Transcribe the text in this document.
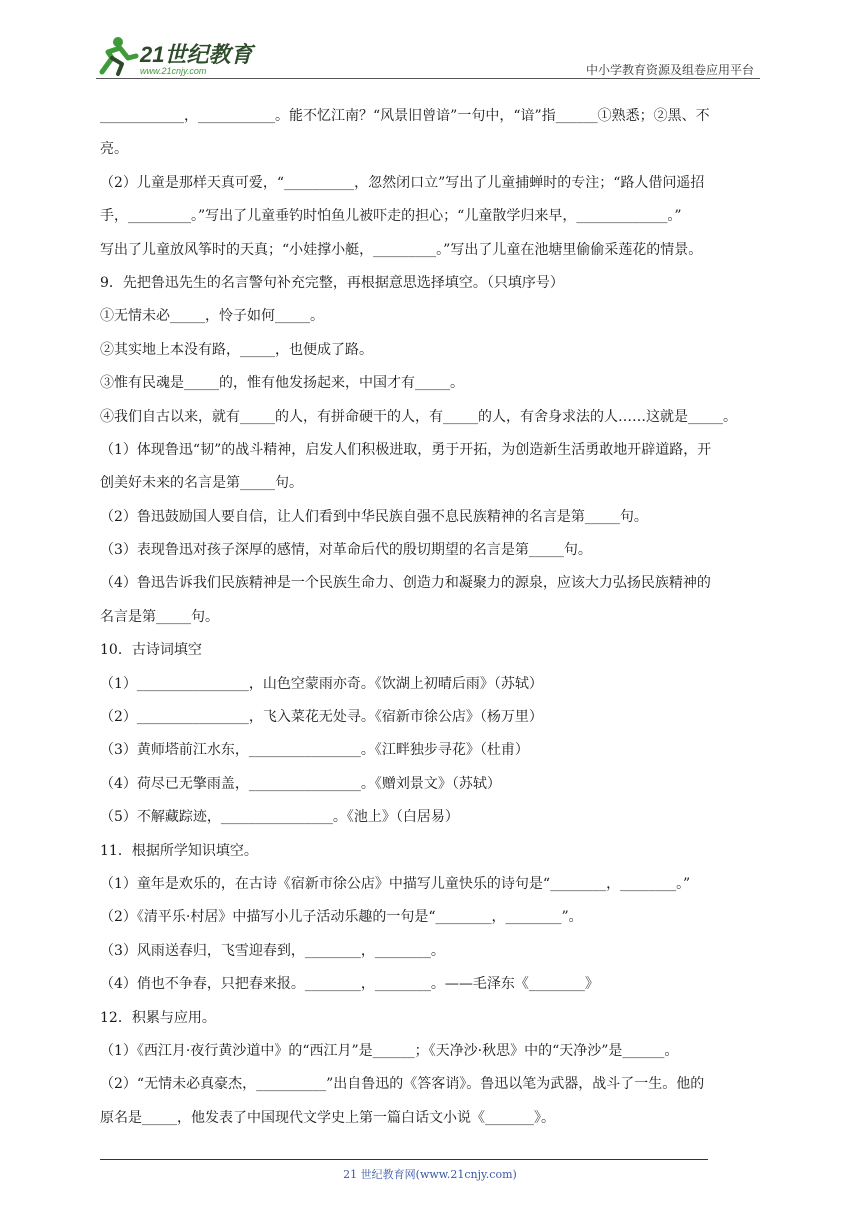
21世纪教育
www.21cnjy.com	中小学教育资源及组卷应用平台
____________，___________。能不忆江南？“风景旧曾谙”一句中，“谙”指______①熟悉；②黑、不
亮。
（2）儿童是那样天真可爱，“__________，忽然闭口立”写出了儿童捕蝉时的专注；“路人借问遥招
手，_________。”写出了儿童垂钓时怕鱼儿被吓走的担心；“儿童散学归来早，_____________。”
写出了儿童放风筝时的天真；“小娃撑小艇，_________。”写出了儿童在池塘里偷偷采莲花的情景。
9．先把鲁迅先生的名言警句补充完整，再根据意思选择填空。（只填序号）
①无情未必_____，怜子如何_____。
②其实地上本没有路，_____，也便成了路。
③惟有民魂是_____的，惟有他发扬起来，中国才有_____。
④我们自古以来，就有_____的人，有拼命硬干的人，有_____的人，有舍身求法的人……这就是_____。
（1）体现鲁迅“韧”的战斗精神，启发人们积极进取，勇于开拓，为创造新生活勇敢地开辟道路，开
创美好未来的名言是第_____句。
（2）鲁迅鼓励国人要自信，让人们看到中华民族自强不息民族精神的名言是第_____句。
（3）表现鲁迅对孩子深厚的感情，对革命后代的殷切期望的名言是第_____句。
（4）鲁迅告诉我们民族精神是一个民族生命力、创造力和凝聚力的源泉，应该大力弘扬民族精神的
名言是第_____句。
10．古诗词填空
（1）________________，山色空蒙雨亦奇。《饮湖上初晴后雨》（苏轼）
（2）________________，飞入菜花无处寻。《宿新市徐公店》（杨万里）
（3）黄师塔前江水东，________________。《江畔独步寻花》（杜甫）
（4）荷尽已无擎雨盖，________________。《赠刘景文》（苏轼）
（5）不解藏踪迹，________________。《池上》（白居易）
11．根据所学知识填空。
（1）童年是欢乐的，在古诗《宿新市徐公店》中描写儿童快乐的诗句是“________，________。”
（2）《清平乐·村居》中描写小儿子活动乐趣的一句是“________，________”。
（3）风雨送春归，飞雪迎春到，________，________。
（4）俏也不争春，只把春来报。________，________。——毛泽东《________》
12．积累与应用。
（1）《西江月·夜行黄沙道中》的“西江月”是______；《天净沙·秋思》中的“天净沙”是______。
（2）“无情未必真豪杰，__________”出自鲁迅的《答客诮》。鲁迅以笔为武器，战斗了一生。他的
原名是_____，他发表了中国现代文学史上第一篇白话文小说《_______》。
21 世纪教育网(www.21cnjy.com)
